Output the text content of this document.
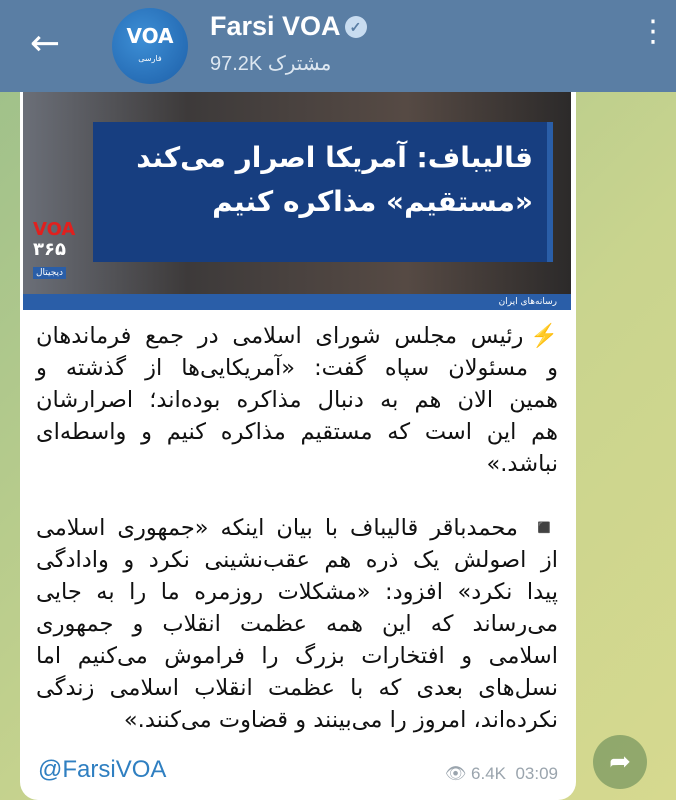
←	VOA
فارسی
Farsi VOA ✓
97.2K مشترک
⋮
قالیباف: آمریکا اصرار می‌کند
«مستقیم» مذاکره کنیم
VOA
۳۶۵
دیجیتال
رسانه‌های ایران
⚡️رئیس مجلس شورای اسلامی در جمع فرماندهان
و مسئولان سپاه گفت: «آمریکایی‌ها از گذشته و
همین الان هم به دنبال مذاکره بوده‌اند؛ اصرارشان
هم این است که مستقیم مذاکره کنیم و واسطه‌ای
نباشد.»
◾️ محمدباقر قالیباف با بیان اینکه «جمهوری اسلامی
از اصولش یک ذره هم عقب‌نشینی نکرد و وادادگی
پیدا نکرد» افزود: «مشکلات روزمره ما را به جایی
می‌رساند که این همه عظمت انقلاب و جمهوری
اسلامی و افتخارات بزرگ را فراموش می‌کنیم اما
نسل‌های بعدی که با عظمت انقلاب اسلامی زندگی
نکرده‌اند، امروز را می‌بینند و قضاوت می‌کنند.»
@FarsiVOA	👁 6.4K 03:09	➦
